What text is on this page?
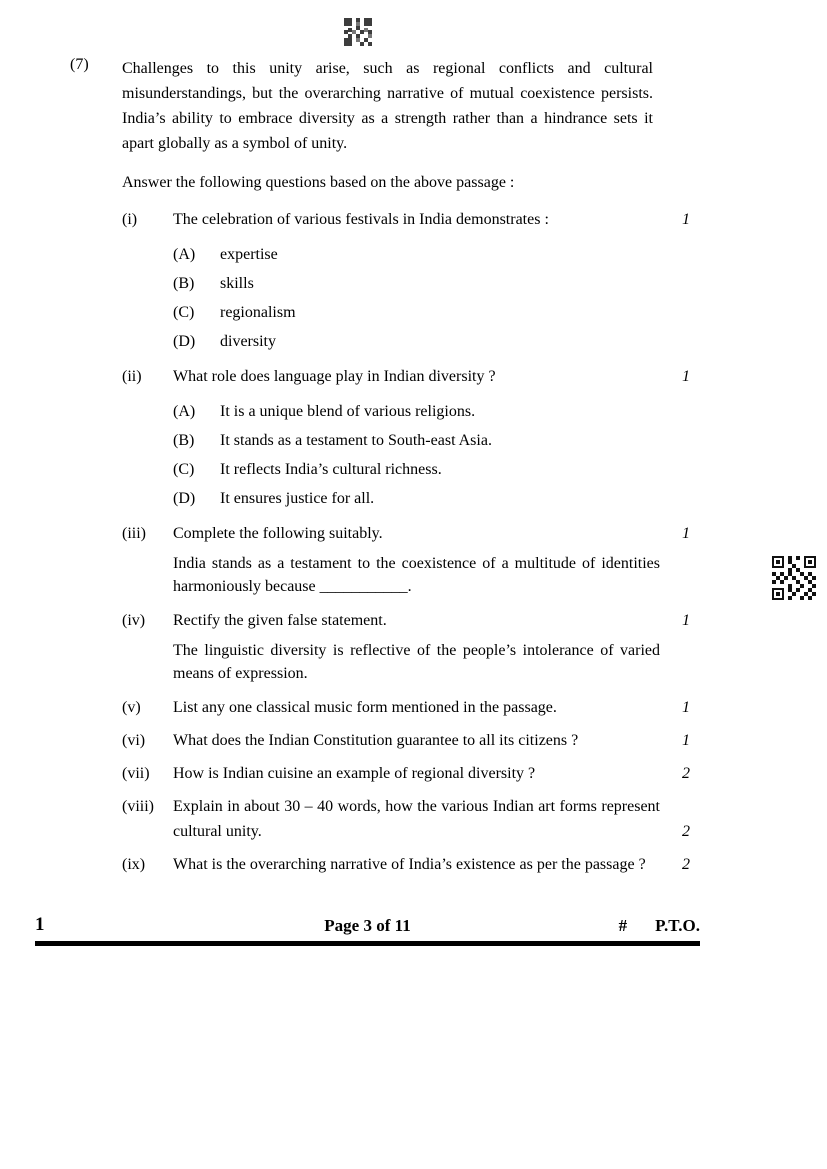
(7)	Challenges to this unity arise, such as regional conflicts and cultural misunderstandings, but the overarching narrative of mutual coexistence persists. India’s ability to embrace diversity as a strength rather than a hindrance sets it apart globally as a symbol of unity.
Answer the following questions based on the above passage :
(i)	The celebration of various festivals in India demonstrates :	1
(A)	expertise
(B)	skills
(C)	regionalism
(D)	diversity
(ii)	What role does language play in Indian diversity ?	1
(A)	It is a unique blend of various religions.
(B)	It stands as a testament to South-east Asia.
(C)	It reflects India’s cultural richness.
(D)	It ensures justice for all.
(iii)	Complete the following suitably.	1
India stands as a testament to the coexistence of a multitude of identities harmoniously because ___________.
(iv)	Rectify the given false statement.	1
The linguistic diversity is reflective of the people’s intolerance of varied means of expression.
(v)	List any one classical music form mentioned in the passage.	1
(vi)	What does the Indian Constitution guarantee to all its citizens ?	1
(vii)	How is Indian cuisine an example of regional diversity ?	2
(viii)	Explain in about 30 – 40 words, how the various Indian art forms represent cultural unity.	2
(ix)	What is the overarching narrative of India’s existence as per the passage ?	2
1	Page 3 of 11	# P.T.O.
